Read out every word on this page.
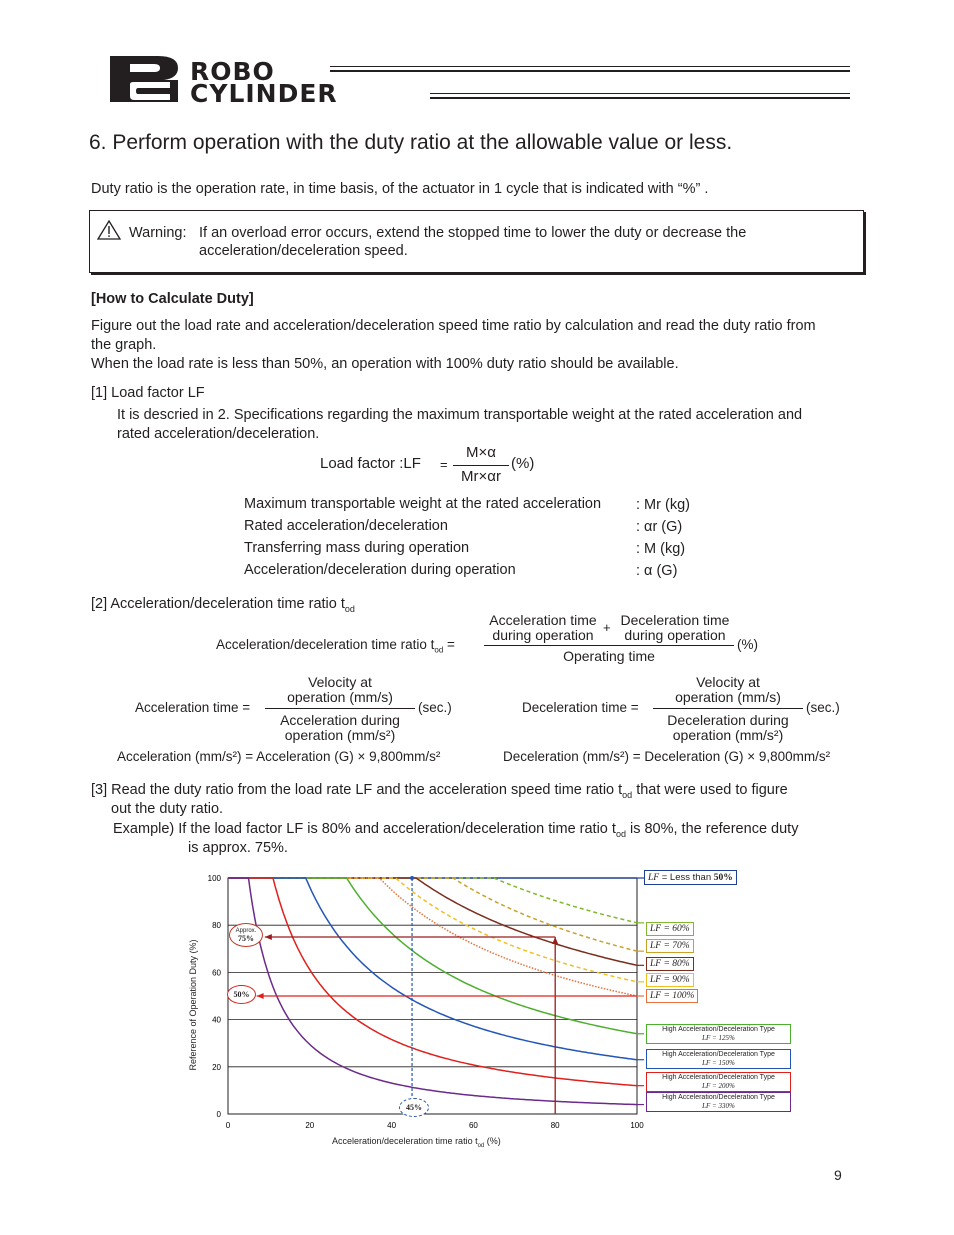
ROBO
CYLINDER
6. Perform operation with the duty ratio at the allowable value or less.
Duty ratio is the operation rate, in time basis, of the actuator in 1 cycle that is indicated with “%” .
Warning: If an overload error occurs, extend the stopped time to lower the duty or decrease the
acceleration/deceleration speed.
[How to Calculate Duty]
Figure out the load rate and acceleration/deceleration speed time ratio by calculation and read the duty ratio from
the graph.
When the load rate is less than 50%, an operation with 100% duty ratio should be available.
[1] Load factor LF
It is descried in 2. Specifications regarding the maximum transportable weight at the rated acceleration and
rated acceleration/deceleration.
Load factor :LF =
M×α
Mr×αr
(%)
Maximum transportable weight at the rated acceleration : Mr (kg)
Rated acceleration/deceleration	: αr (G)
Transferring mass during operation	: M (kg)
Acceleration/deceleration during operation	: α (G)
[2] Acceleration/deceleration time ratio $t_{od}$
Acceleration/deceleration time ratio $t_{od}$ =
Acceleration time
during operation + Deceleration time
during operation
Operating time
(%)
Acceleration time =
Velocity at
operation (mm/s)
Acceleration during
operation (mm/s²)
(sec.)	Deceleration time =
Velocity at
operation (mm/s)
Deceleration during
operation (mm/s²)
(sec.)
Acceleration (mm/s²) = Acceleration (G) × 9,800mm/s²	Deceleration (mm/s²) = Deceleration (G) × 9,800mm/s²
[3] Read the duty ratio from the load rate LF and the acceleration speed time ratio $t_{od}$ that were used to figure
out the duty ratio.
Example) If the load factor LF is 80% and acceleration/deceleration time ratio $t_{od}$ is 80%, the reference duty
is approx. 75%.
0
20
40
60
80
100
0	20	40	60	80	100
Reference of Operation Duty (%)
Acceleration/deceleration time ratio $t_{od}$ (%)
LF = Less than 50%
LF = 60%
LF = 70%
LF = 80%
LF = 90%
LF = 100%
High Acceleration/Deceleration Type
LF = 125%
High Acceleration/Deceleration Type
LF = 150%
High Acceleration/Deceleration Type
LF = 200%
High Acceleration/Deceleration Type
LF = 330%
Approx.
75%
50%
45%
9
